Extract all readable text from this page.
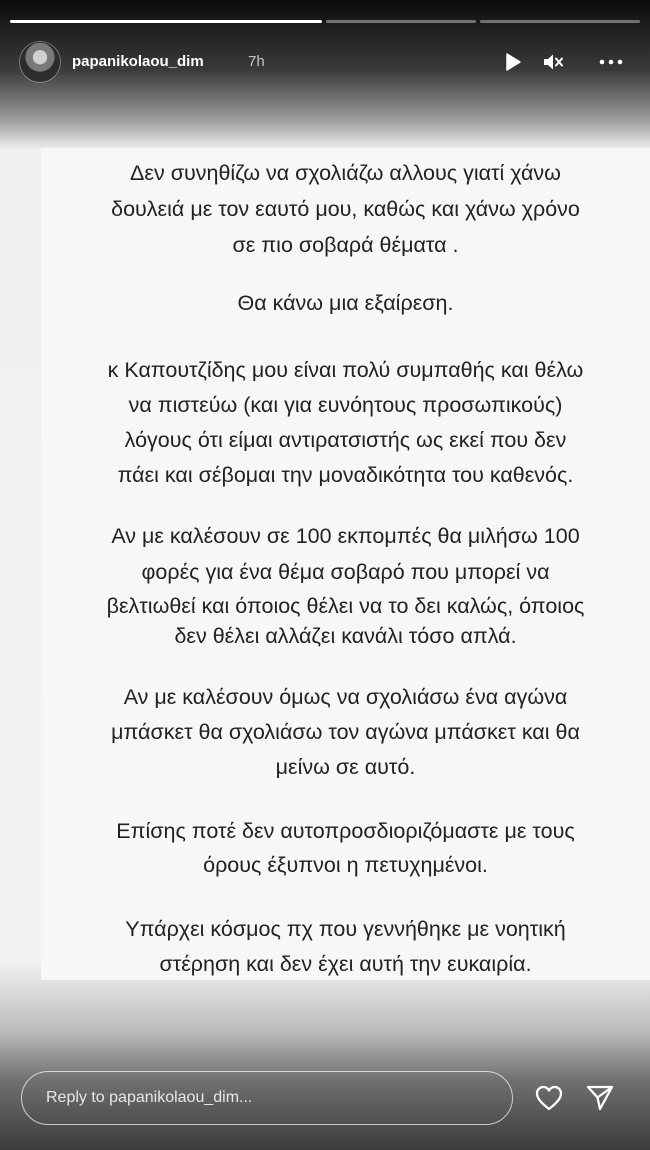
papanikolaou_dim	7h

Δεν συνηθίζω να σχολιάζω αλλους γιατί χάνω

δουλειά με τον εαυτό μου, καθώς και χάνω χρόνο

σε πιο σοβαρά θέματα .

Θα κάνω μια εξαίρεση.

κ Καπουτζίδης μου είναι πολύ συμπαθής και θέλω

να πιστεύω (και για ευνόητους προσωπικούς)

λόγους ότι είμαι αντιρατσιστής ως εκεί που δεν

πάει και σέβομαι την μοναδικότητα του καθενός.

Αν με καλέσουν σε 100 εκπομπές θα μιλήσω 100

φορές για ένα θέμα σοβαρό που μπορεί να

βελτιωθεί και όποιος θέλει να το δει καλώς, όποιος

δεν θέλει αλλάζει κανάλι τόσο απλά.

Αν με καλέσουν όμως να σχολιάσω ένα αγώνα

μπάσκετ θα σχολιάσω τον αγώνα μπάσκετ και θα

μείνω σε αυτό.

Επίσης ποτέ δεν αυτοπροσδιοριζόμαστε με τους

όρους έξυπνοι η πετυχημένοι.

Υπάρχει κόσμος πχ που γεννήθηκε με νοητική

στέρηση και δεν έχει αυτή την ευκαιρία.

Reply to papanikolaou_dim...
